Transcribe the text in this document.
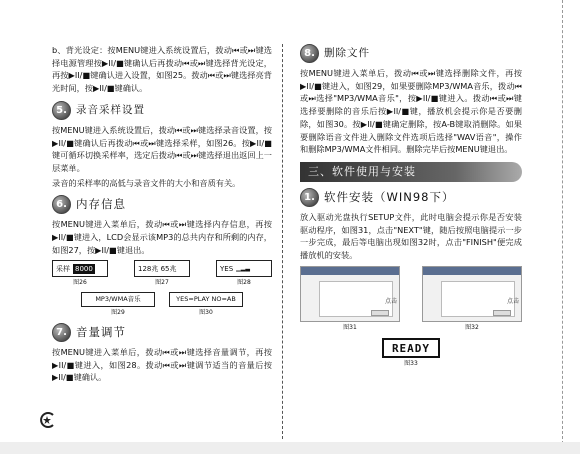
b、背光设定：按MENU键进入系统设置后，拨动⏮或⏭键选择电源管理按▶II/■键确认后再拨动⏮或⏭键选择背光设定，再按▶II/■键确认进入设置，如图25。拨动⏮或⏭键选择亮背光时间，按▶II/■键确认。

5. 录音采样设置

按MENU键进入系统设置后，拨动⏮或⏭键选择录音设置，按▶II/■键确认后再拨动⏮或⏭键选择采样，如图26。按▶II/■键可循环切换采样率，选定后拨动⏮或⏭键选择退出返回上一层菜单。

录音的采样率的高低与录音文件的大小和音质有关。

6. 内存信息

按MENU键进入菜单后，拨动⏮或⏭键选择内存信息，再按▶II/■键进入，LCD会显示该MP3的总共内存和所剩的内存，如图27，按▶II/■键退出。

采样 8000
图26
128兆 65兆
图27
YES ▁▂▃
图28
MP3/WMA音乐
图29
YES=PLAY NO=AB
图30
7. 音量调节

按MENU键进入菜单后，拨动⏮或⏭键选择音量调节，再按▶II/■键进入，如图28。拨动⏮或⏭键调节适当的音量后按▶II/■键确认。

8. 删除文件

按MENU键进入菜单后，拨动⏮或⏭键选择删除文件，再按▶II/■键进入，如图29，如果要删除MP3/WMA音乐，拨动⏮或⏭选择"MP3/WMA音乐"，按▶II/■键进入。拨动⏮或⏭键选择要删除的音乐后按▶II/■键，播放机会提示你是否要删除，如图30。按▶II/■键确定删除，按A-B键取消删除。如果要删除语音文件进入删除文件选项后选择"WAV语音"，操作和删除MP3/WMA文件相同。删除完毕后按MENU键退出。

三、软件使用与安装
1. 软件安装（WIN98下）

放入驱动光盘执行SETUP文件，此时电脑会提示你是否安装驱动程序，如图31，点击"NEXT"键，随后按照电脑提示一步一步完成，最后等电脑出现如图32时，点击"FINISH"便完成播放机的安装。

点击
图31
点击
图32
READY
图33
